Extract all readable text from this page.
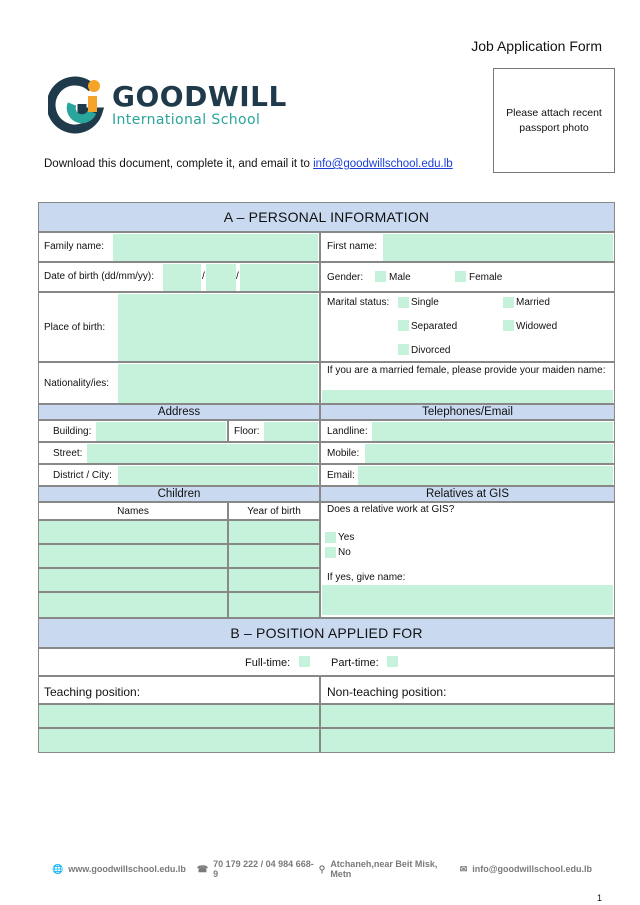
Job Application Form
GOODWILL
International School	Please attach recent passport photo
Download this document, complete it, and email it to info@goodwillschool.edu.lb
A – PERSONAL INFORMATION
Family name:	First name:
Date of birth (dd/mm/yy):	/	/	Gender:	Male	Female
Place of birth:
Marital status: Single	Married
Separated	Widowed
Divorced
Nationality/ies:
If you are a married female, please provide your maiden name:
Address	Telephones/Email
Building:	Floor:	Landline:
Street:	Mobile:
District / City:	Email:
Children	Relatives at GIS
Names	Year of birth	Does a relative work at GIS?
Yes
No
If yes, give name:
B – POSITION APPLIED FOR
Full-time:	Part-time:
Teaching position:	Non-teaching position:
🌐 www.goodwillschool.edu.lb ☎ 70 179 222 / 04 984 668-9
⚲ Atchaneh,near Beit Misk, Metn
✉ info@goodwillschool.edu.lb
1
